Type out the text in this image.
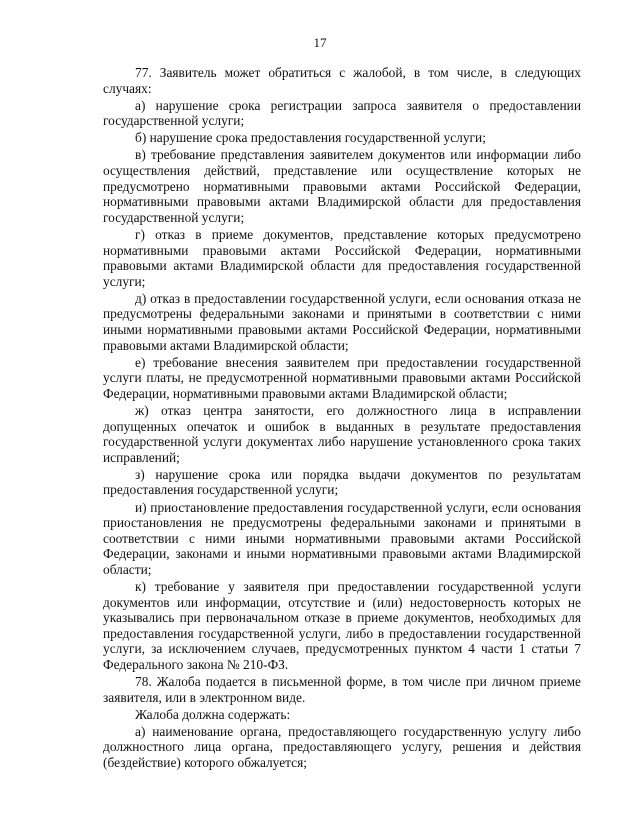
17

77. Заявитель может обратиться с жалобой, в том числе, в следующих случаях:

а) нарушение срока регистрации запроса заявителя о предоставлении государственной услуги;

б) нарушение срока предоставления государственной услуги;

в) требование представления заявителем документов или информации либо осуществления действий, представление или осуществление которых не предусмотрено нормативными правовыми актами Российской Федерации, нормативными правовыми актами Владимирской области для предоставления государственной услуги;

г) отказ в приеме документов, представление которых предусмотрено нормативными правовыми актами Российской Федерации, нормативными правовыми актами Владимирской области для предоставления государственной услуги;

д) отказ в предоставлении государственной услуги, если основания отказа не предусмотрены федеральными законами и принятыми в соответствии с ними иными нормативными правовыми актами Российской Федерации, нормативными правовыми актами Владимирской области;

е) требование внесения заявителем при предоставлении государственной услуги платы, не предусмотренной нормативными правовыми актами Российской Федерации, нормативными правовыми актами Владимирской области;

ж) отказ центра занятости, его должностного лица в исправлении допущенных опечаток и ошибок в выданных в результате предоставления государственной услуги документах либо нарушение установленного срока таких исправлений;

з) нарушение срока или порядка выдачи документов по результатам предоставления государственной услуги;

и) приостановление предоставления государственной услуги, если основания приостановления не предусмотрены федеральными законами и принятыми в соответствии с ними иными нормативными правовыми актами Российской Федерации, законами и иными нормативными правовыми актами Владимирской области;

к) требование у заявителя при предоставлении государственной услуги документов или информации, отсутствие и (или) недостоверность которых не указывались при первоначальном отказе в приеме документов, необходимых для предоставления государственной услуги, либо в предоставлении государственной услуги, за исключением случаев, предусмотренных пунктом 4 части 1 статьи 7 Федерального закона № 210-ФЗ.

78. Жалоба подается в письменной форме, в том числе при личном приеме заявителя, или в электронном виде.

Жалоба должна содержать:

а) наименование органа, предоставляющего государственную услугу либо должностного лица органа, предоставляющего услугу, решения и действия (бездействие) которого обжалуется;
